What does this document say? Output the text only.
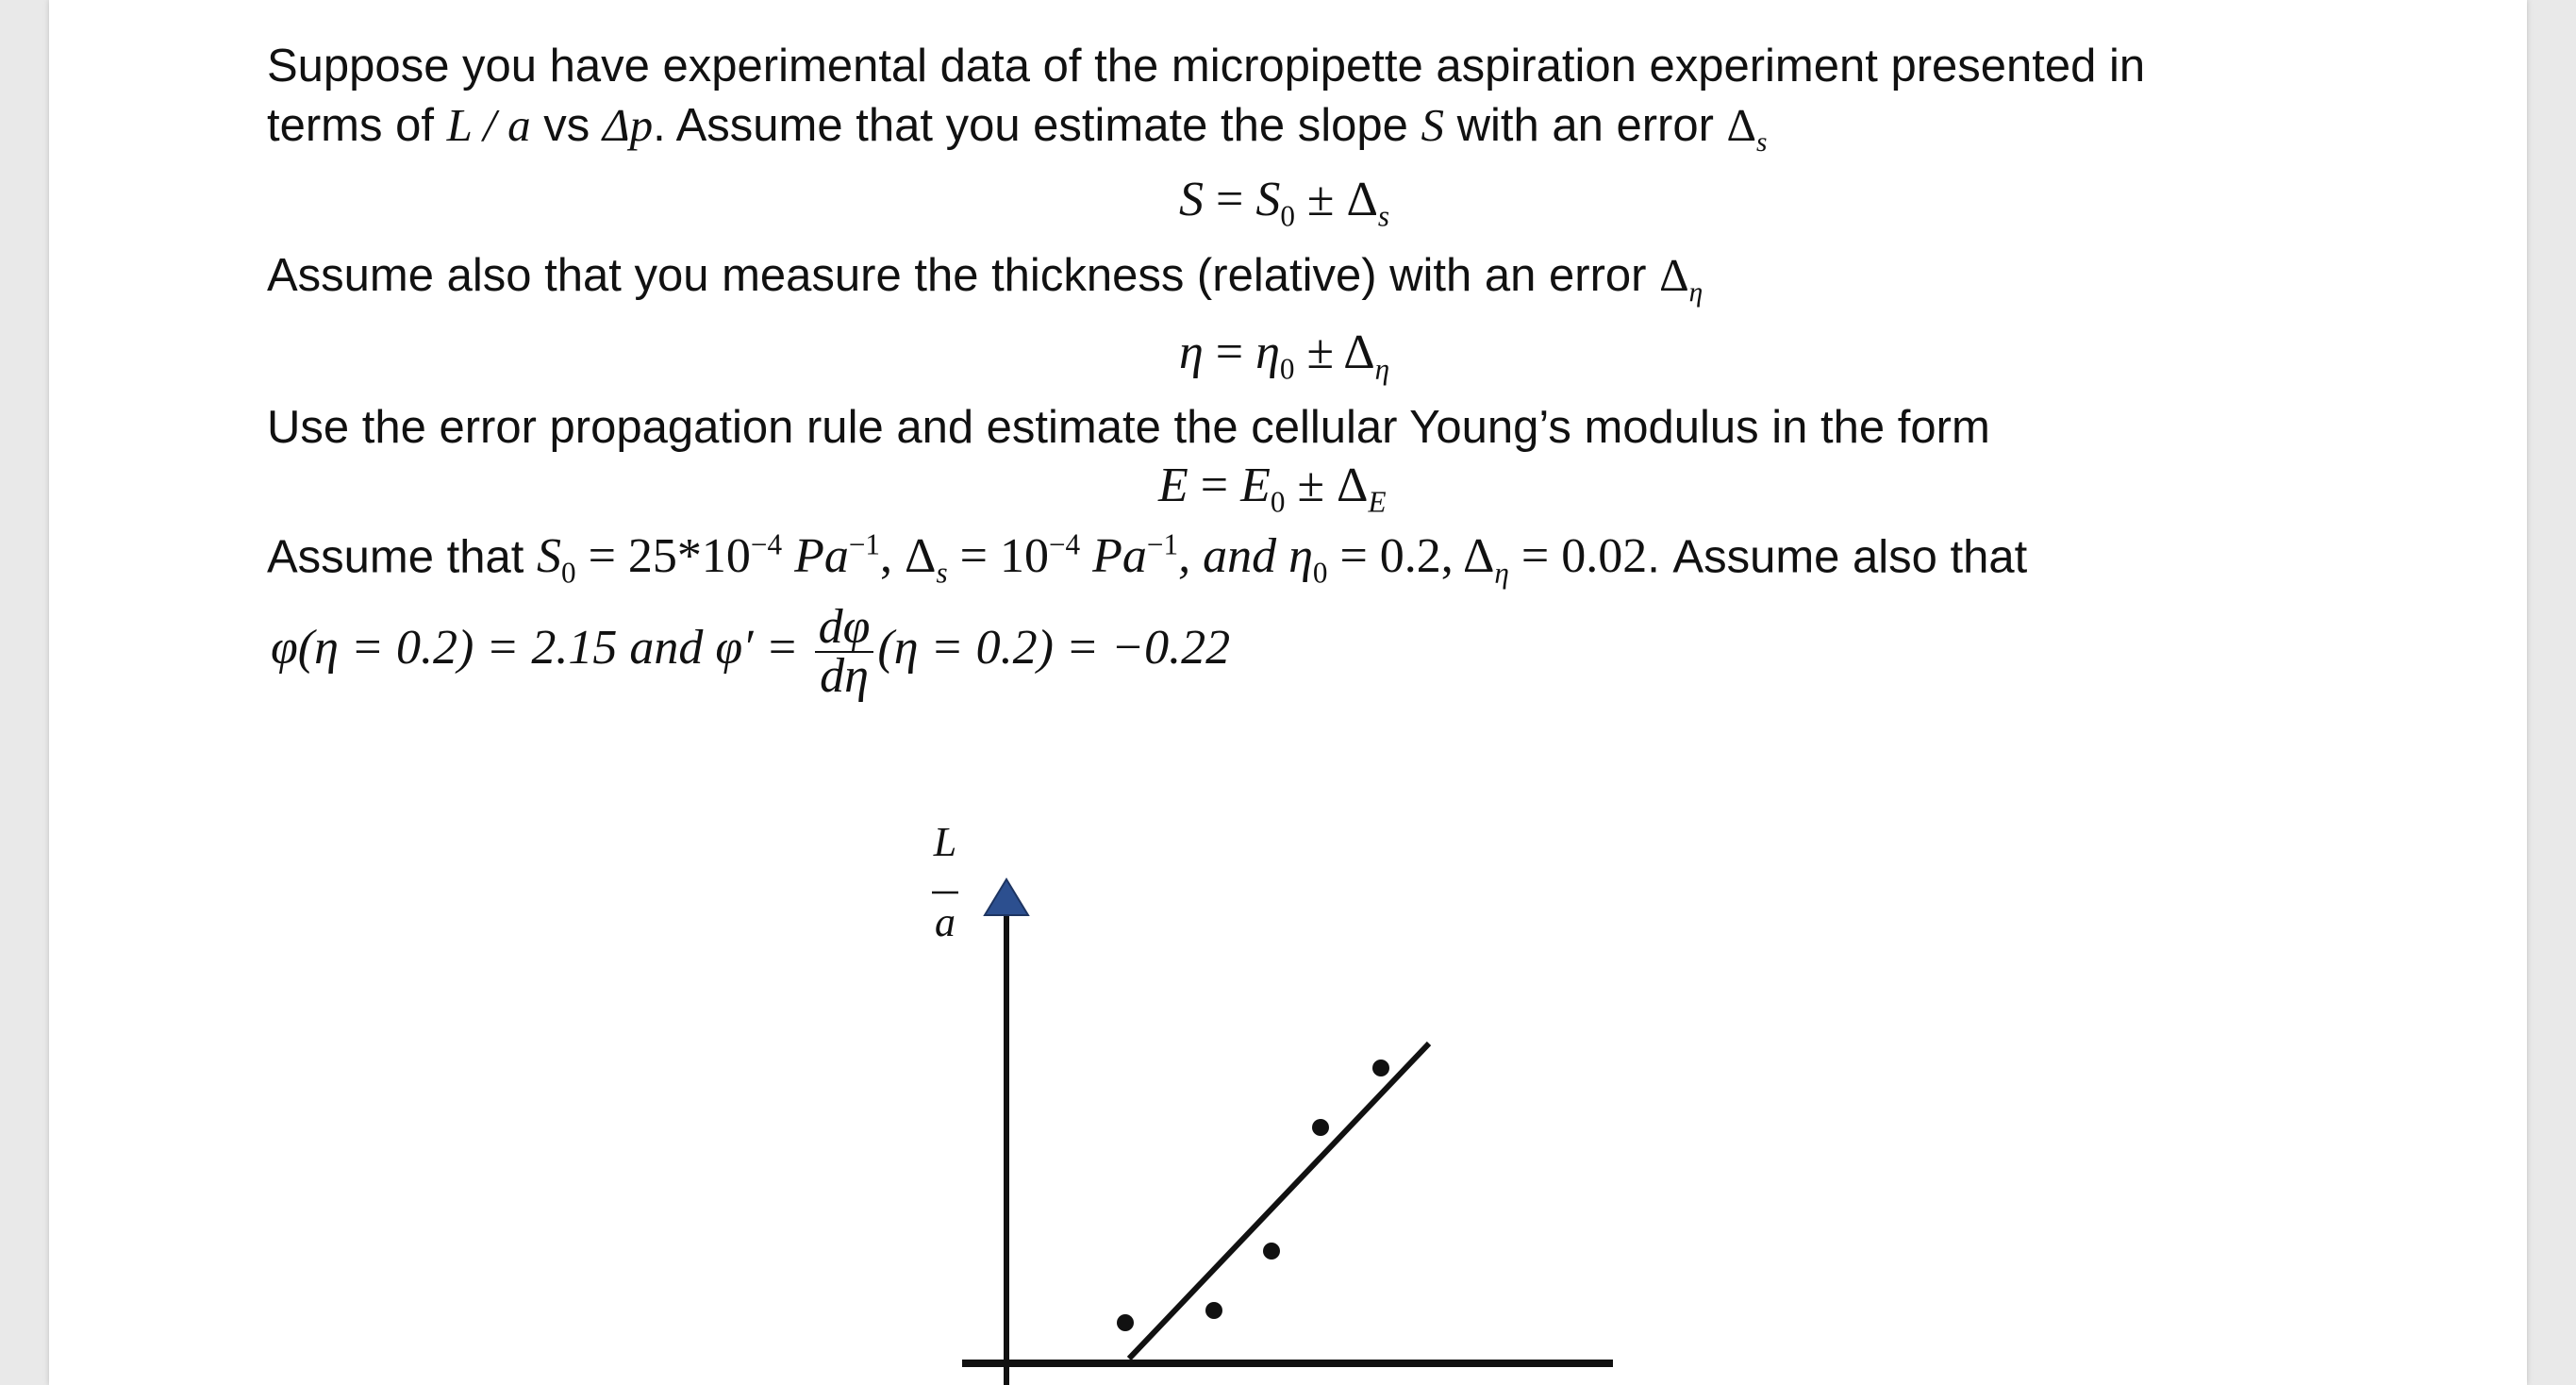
Suppose you have experimental data of the micropipette aspiration experiment presented in
terms of L / a vs Δp. Assume that you estimate the slope S with an error $\Delta_s$
$S = S_0 \pm \Delta_s$
Assume also that you measure the thickness (relative) with an error $\Delta_\eta$
$\eta = \eta_0 \pm \Delta_\eta$
Use the error propagation rule and estimate the cellular Young’s modulus in the form
$E = E_0 \pm \Delta_E$
Assume that $S_0 = 25*10^{-4}$ $Pa^{-1}$, $\Delta_s = 10^{-4}$ $Pa^{-1}$, and $\eta_0 = 0.2$, $\Delta_\eta = 0.02$. Assume also that
φ(η = 0.2) = 2.15 and $\varphi' = \frac{d\varphi}{d\eta} (\eta = 0.2) = -0.22$
L
a
